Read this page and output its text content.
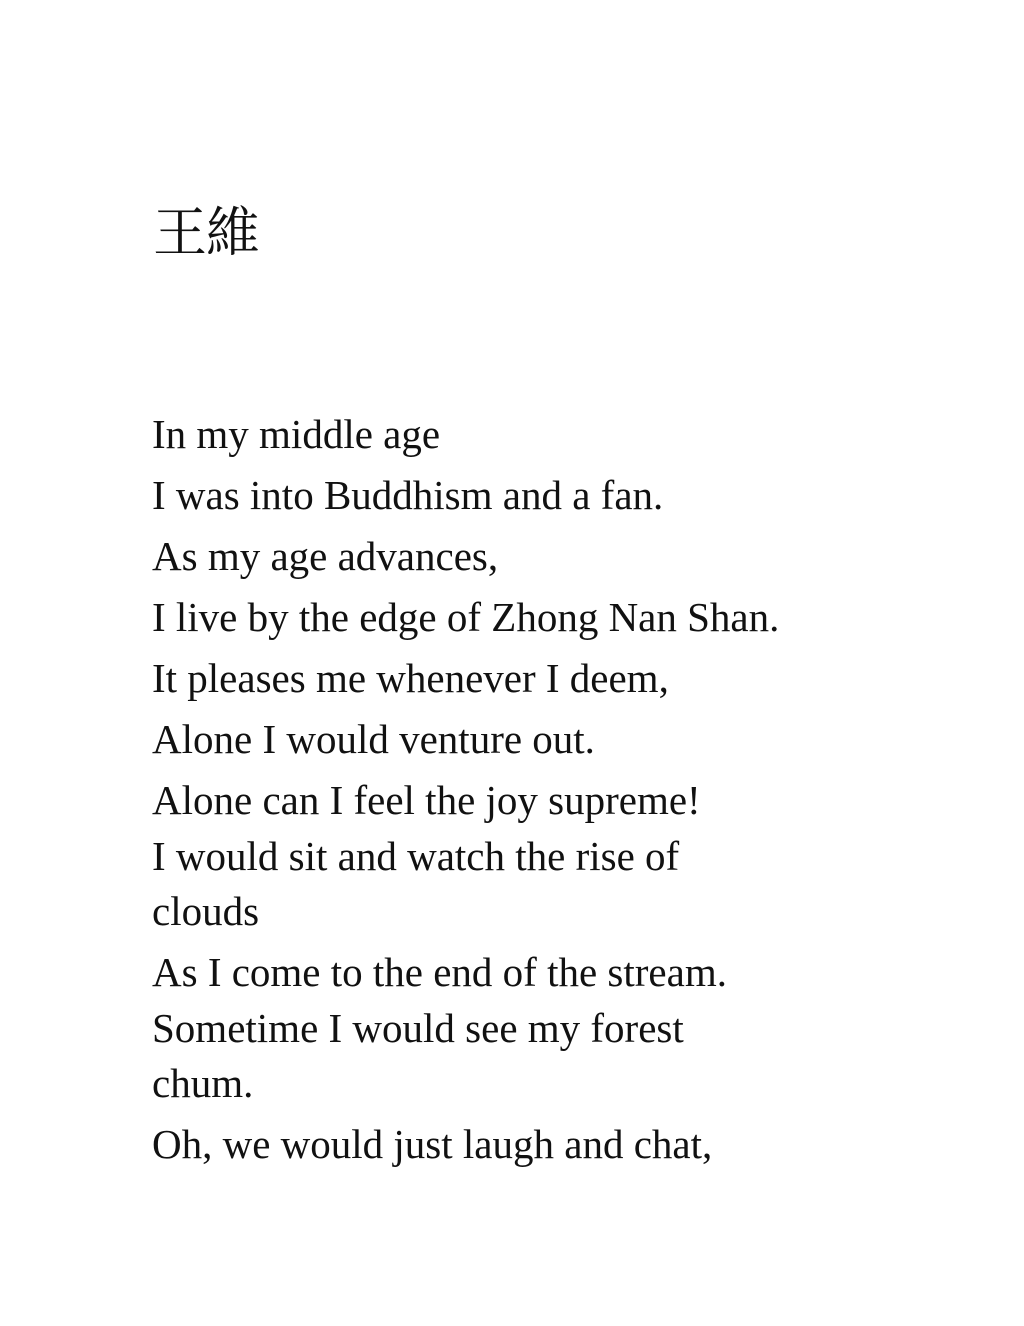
王維
In my middle age
I was into Buddhism and a fan.
As my age advances,
I live by the edge of Zhong Nan Shan.
It pleases me whenever I deem,
Alone I would venture out.
Alone can I feel the joy supreme!
I would sit and watch the rise of
clouds
As I come to the end of the stream.
Sometime I would see my forest
chum.
Oh, we would just laugh and chat,
